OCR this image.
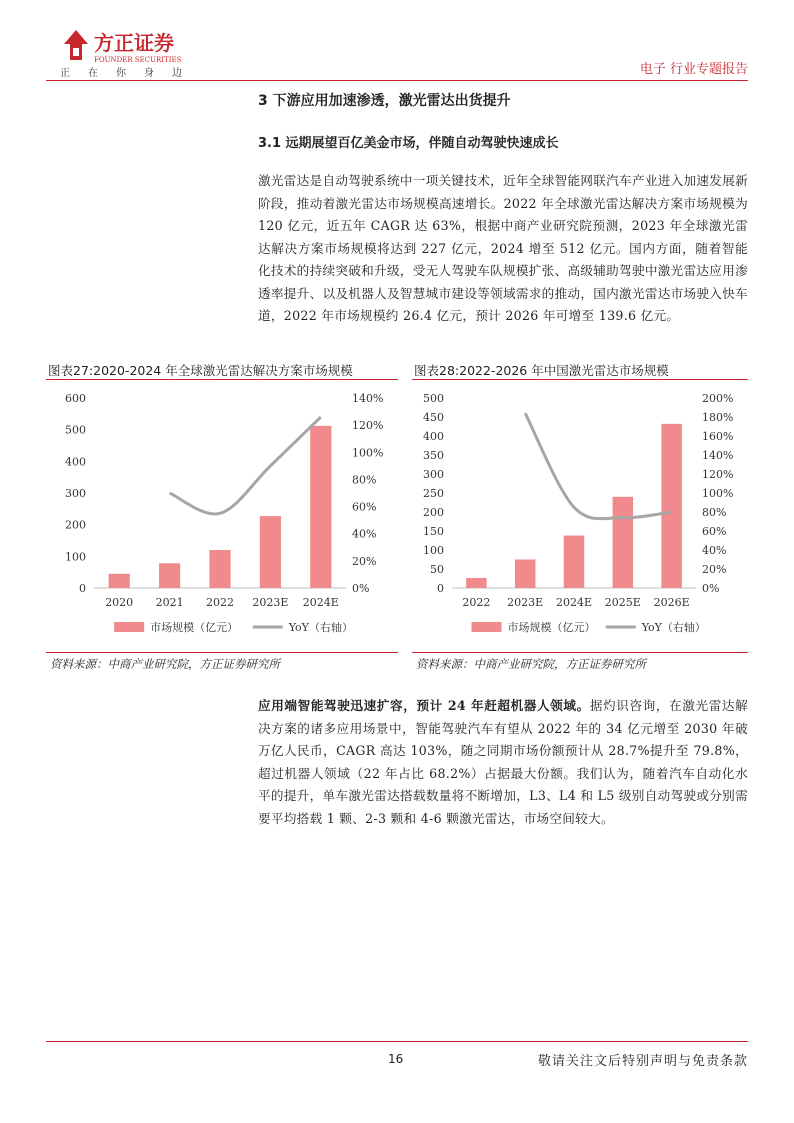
方正证券
FOUNDER SECURITIES
正在你身边	电子 行业专题报告
3 下游应用加速渗透，激光雷达出货提升
3.1 远期展望百亿美金市场，伴随自动驾驶快速成长
激光雷达是自动驾驶系统中一项关键技术，近年全球智能网联汽车产业进入加速发展新阶段，推动着激光雷达市场规模高速增长。2022 年全球激光雷达解决方案市场规模为 120 亿元，近五年 CAGR 达 63%，根据中商产业研究院预测，2023 年全球激光雷达解决方案市场规模将达到 227 亿元，2024 增至 512 亿元。国内方面，随着智能化技术的持续突破和升级，受无人驾驶车队规模扩张、高级辅助驾驶中激光雷达应用渗透率提升、以及机器人及智慧城市建设等领域需求的推动，国内激光雷达市场驶入快车道，2022 年市场规模约 26.4 亿元，预计 2026 年可增至 139.6 亿元。
图表27:2020-2024 年全球激光雷达解决方案市场规模
0
100
200
300
400
500
600
0%
20%
40%
60%
80%
100%
120%
140%
2020 2021 2022 2023E 2024E
市场规模（亿元）	YoY（右轴）
资料来源：中商产业研究院，方正证券研究所
图表28:2022-2026 年中国激光雷达市场规模
0
50
100
150
200
250
300
350
400
450
500
0%
20%
40%
60%
80%
100%
120%
140%
160%
180%
200%
2022 2023E 2024E 2025E 2026E
市场规模（亿元）	YoY（右轴）
资料来源：中商产业研究院，方正证券研究所
应用端智能驾驶迅速扩容，预计 24 年赶超机器人领域。据灼识咨询，在激光雷达解决方案的诸多应用场景中，智能驾驶汽车有望从 2022 年的 34 亿元增至 2030 年破万亿人民币，CAGR 高达 103%，随之同期市场份额预计从 28.7%提升至 79.8%，超过机器人领域（22 年占比 68.2%）占据最大份额。我们认为，随着汽车自动化水平的提升，单车激光雷达搭载数量将不断增加，L3、L4 和 L5 级别自动驾驶或分别需要平均搭载 1 颗、2-3 颗和 4-6 颗激光雷达，市场空间较大。
16	敬请关注文后特别声明与免责条款
